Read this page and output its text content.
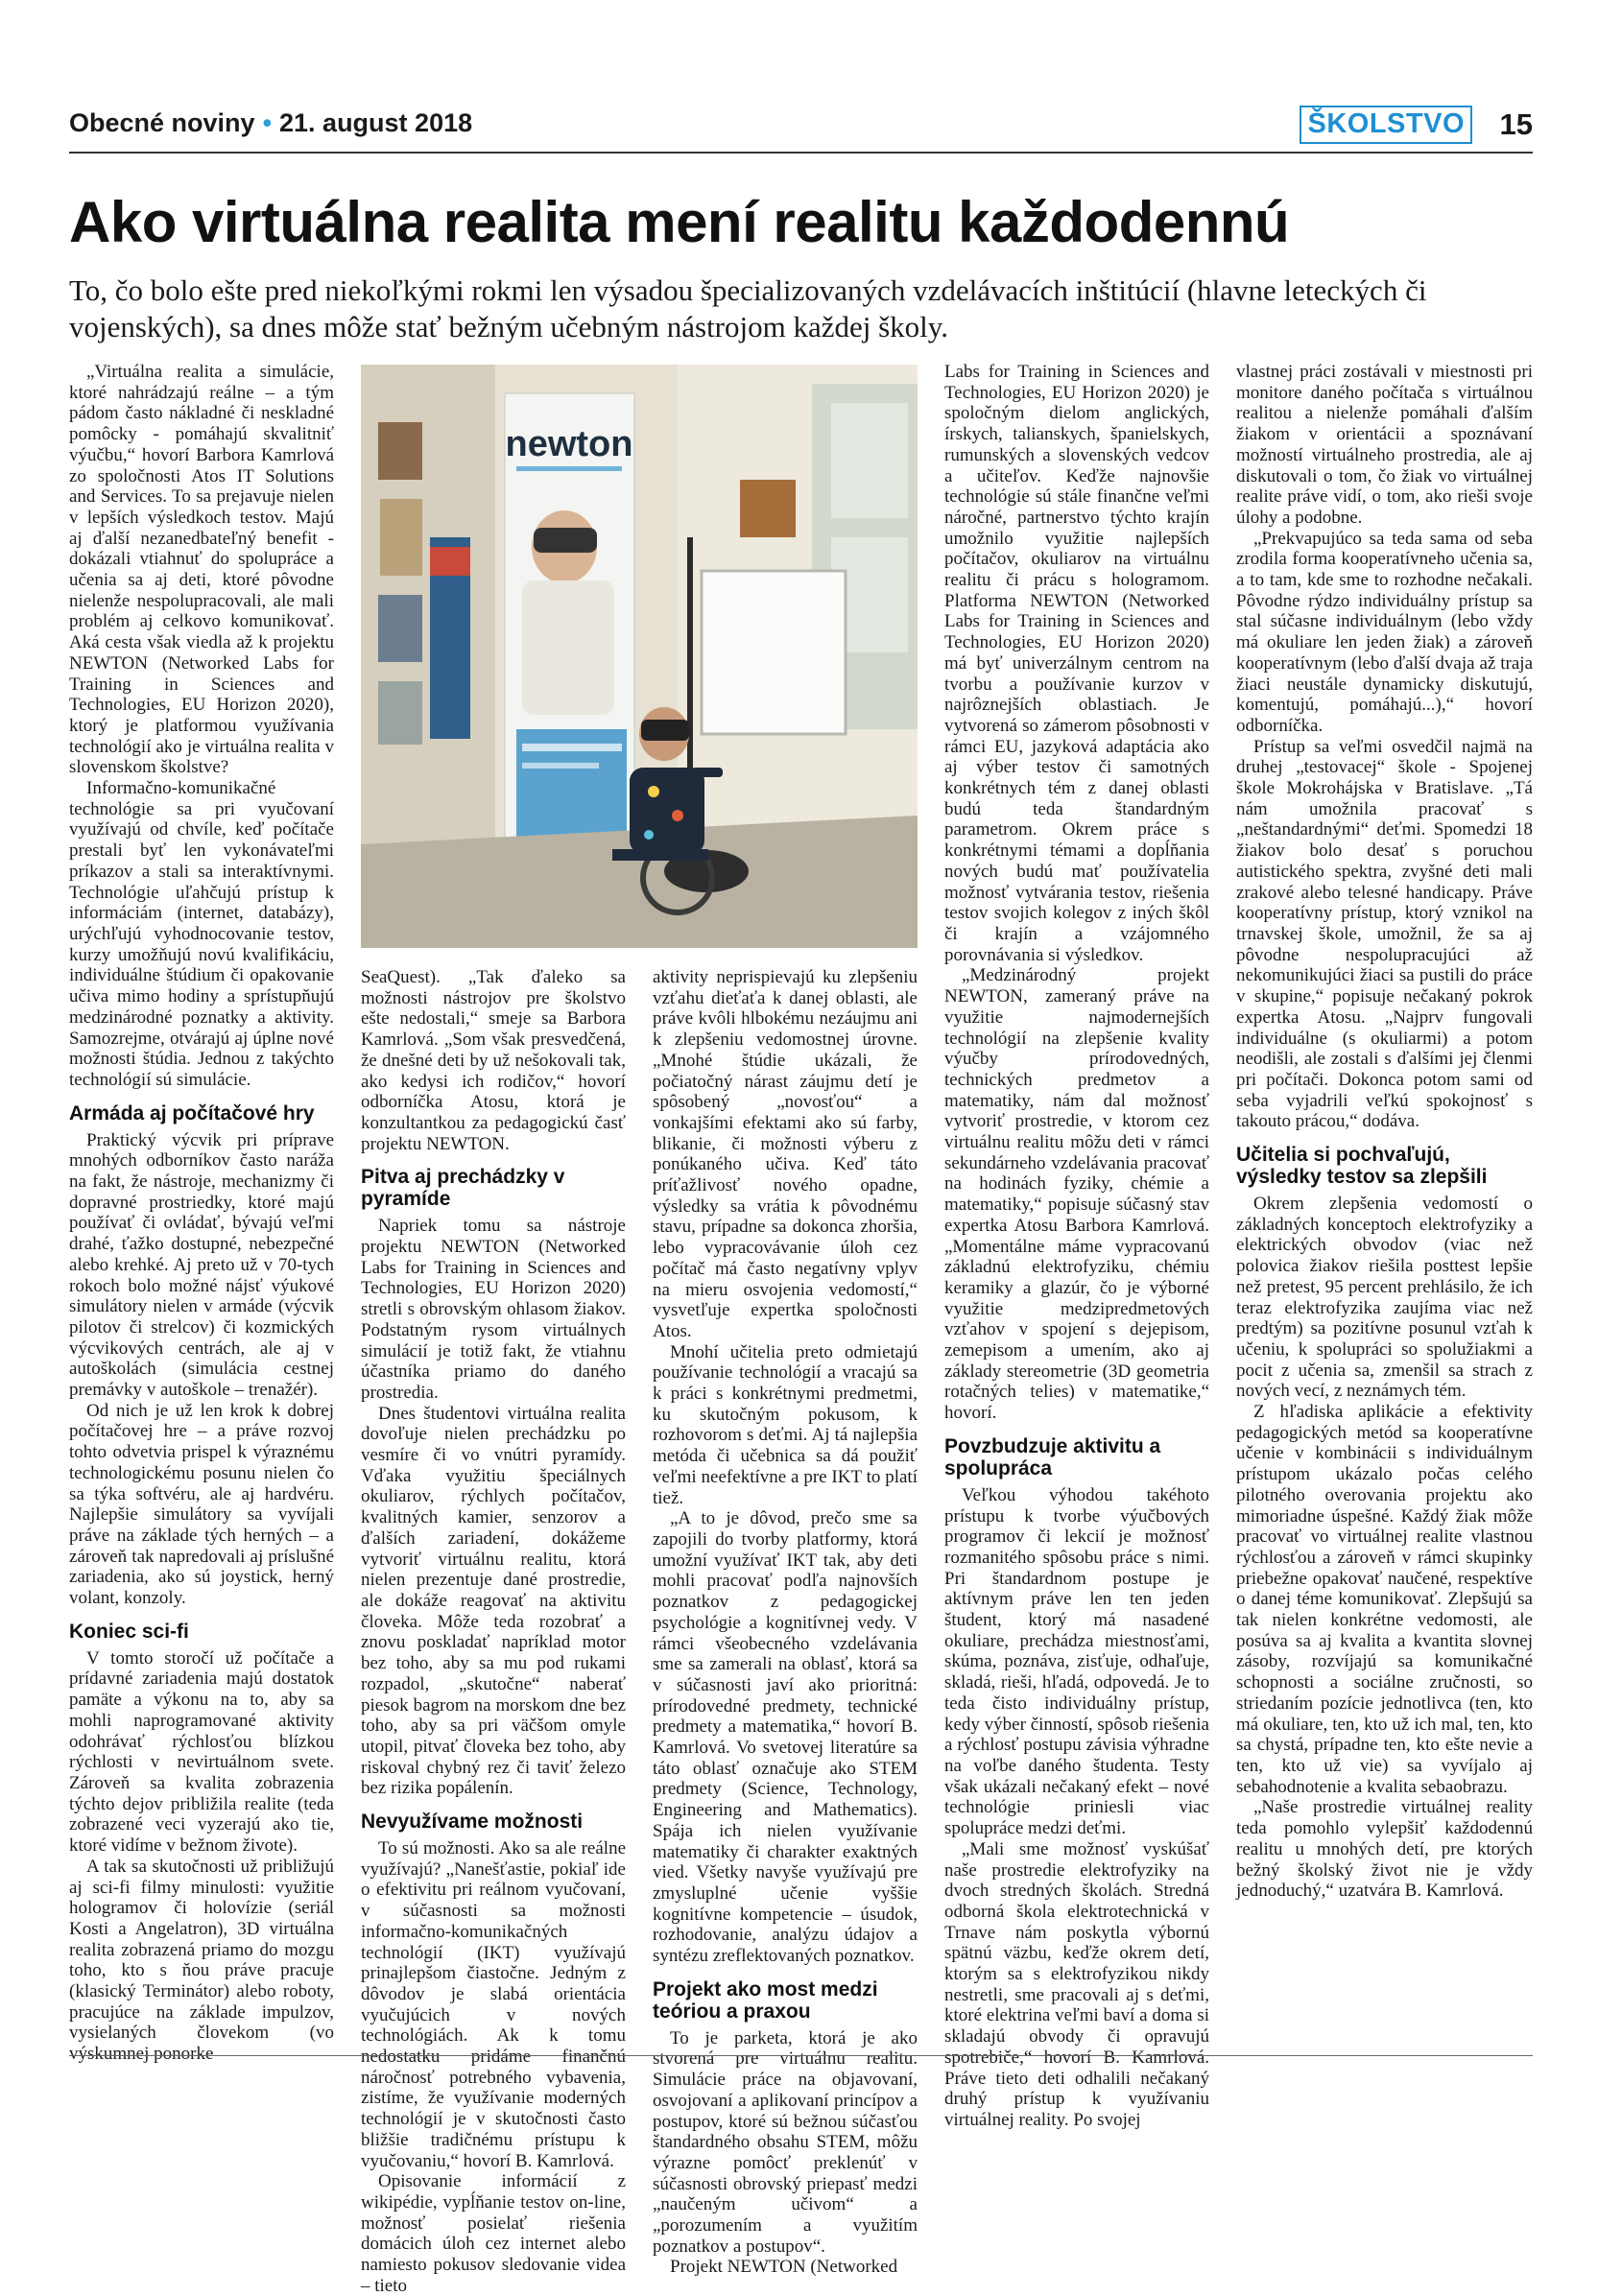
Obecné noviny • 21. august 2018	ŠKOLSTVO 15
Ako virtuálna realita mení realitu každodennú

To, čo bolo ešte pred niekoľkými rokmi len výsadou špecializovaných vzdelávacích inštitúcií (hlavne leteckých či vojenských), sa dnes môže stať bežným učebným nástrojom každej školy.

„Virtuálna realita a simulácie, ktoré nahrádzajú reálne – a tým pádom často nákladné či neskladné pomôcky - pomáhajú skvalitniť výučbu,“ hovorí Barbora Kamrlová zo spoločnosti Atos IT Solutions and Services. To sa prejavuje nielen v lepších výsledkoch testov. Majú aj ďalší nezanedbateľný benefit - dokázali vtiahnuť do spolupráce a učenia sa aj deti, ktoré pôvodne nielenže nespolupracovali, ale mali problém aj celkovo komunikovať. Aká cesta však viedla až k projektu NEWTON (Networked Labs for Training in Sciences and Technologies, EU Horizon 2020), ktorý je platformou využívania technológií ako je virtuálna realita v slovenskom školstve?

Informačno-komunikačné technológie sa pri vyučovaní využívajú od chvíle, keď počítače prestali byť len vykonávateľmi príkazov a stali sa interaktívnymi. Technológie uľahčujú prístup k informáciám (internet, databázy), urýchľujú vyhodnocovanie testov, kurzy umožňujú novú kvalifikáciu, individuálne štúdium či opakovanie učiva mimo hodiny a sprístupňujú medzinárodné poznatky a aktivity. Samozrejme, otvárajú aj úplne nové možnosti štúdia. Jednou z takýchto technológií sú simulácie.

Armáda aj počítačové hry

Praktický výcvik pri príprave mnohých odborníkov často naráža na fakt, že nástroje, mechanizmy či dopravné prostriedky, ktoré majú používať či ovládať, bývajú veľmi drahé, ťažko dostupné, nebezpečné alebo krehké. Aj preto už v 70-tych rokoch bolo možné nájsť výukové simulátory nielen v armáde (výcvik pilotov či strelcov) či kozmických výcvikových centrách, ale aj v autoškolách (simulácia cestnej premávky v autoškole – trenažér).

Od nich je už len krok k dobrej počítačovej hre – a práve rozvoj tohto odvetvia prispel k výraznému technologickému posunu nielen čo sa týka softvéru, ale aj hardvéru. Najlepšie simulátory sa vyvíjali práve na základe tých herných – a zároveň tak napredovali aj príslušné zariadenia, ako sú joystick, herný volant, konzoly.

Koniec sci-fi

V tomto storočí už počítače a prídavné zariadenia majú dostatok pamäte a výkonu na to, aby sa mohli naprogramované aktivity odohrávať rýchlosťou blízkou rýchlosti v nevirtuálnom svete. Zároveň sa kvalita zobrazenia týchto dejov približila realite (teda zobrazené veci vyzerajú ako tie, ktoré vidíme v bežnom živote).

A tak sa skutočnosti už približujú aj sci-fi filmy minulosti: využitie hologramov či holovízie (seriál Kosti a Angelatron), 3D virtuálna realita zobrazená priamo do mozgu toho, kto s ňou práve pracuje (klasický Terminátor) alebo roboty, pracujúce na základe impulzov, vysielaných človekom (vo výskumnej ponorke

newton

SeaQuest). „Tak ďaleko sa možnosti nástrojov pre školstvo ešte nedostali,“ smeje sa Barbora Kamrlová. „Som však presvedčená, že dnešné deti by už nešokovali tak, ako kedysi ich rodičov,“ hovorí odborníčka Atosu, ktorá je konzultantkou za pedagogickú časť projektu NEWTON.

Pitva aj prechádzky v pyramíde

Napriek tomu sa nástroje projektu NEWTON (Networked Labs for Training in Sciences and Technologies, EU Horizon 2020) stretli s obrovským ohlasom žiakov. Podstatným rysom virtuálnych simulácií je totiž fakt, že vtiahnu účastníka priamo do daného prostredia.

Dnes študentovi virtuálna realita dovoľuje nielen prechádzku po vesmíre či vo vnútri pyramídy. Vďaka využitiu špeciálnych okuliarov, rýchlych počítačov, kvalitných kamier, senzorov a ďalších zariadení, dokážeme vytvoriť virtuálnu realitu, ktorá nielen prezentuje dané prostredie, ale dokáže reagovať na aktivitu človeka. Môže teda rozobrať a znovu poskladať napríklad motor bez toho, aby sa mu pod rukami rozpadol, „skutočne“ naberať piesok bagrom na morskom dne bez toho, aby sa pri väčšom omyle utopil, pitvať človeka bez toho, aby riskoval chybný rez či taviť železo bez rizika popálenín.

Nevyužívame možnosti

To sú možnosti. Ako sa ale reálne využívajú? „Nanešťastie, pokiaľ ide o efektivitu pri reálnom vyučovaní, v súčasnosti sa možnosti informačno-komunikačných technológií (IKT) využívajú prinajlepšom čiastočne. Jedným z dôvodov je slabá orientácia vyučujúcich v nových technológiách. Ak k tomu nedostatku pridáme finančnú náročnosť potrebného vybavenia, zistíme, že využívanie moderných technológií je v skutočnosti často bližšie tradičnému prístupu k vyučovaniu,“ hovorí B. Kamrlová.

Opisovanie informácií z wikipédie, vypĺňanie testov on-line, možnosť posielať riešenia domácich úloh cez internet alebo namiesto pokusov sledovanie videa – tieto

aktivity neprispievajú ku zlepšeniu vzťahu dieťaťa k danej oblasti, ale práve kvôli hlbokému nezáujmu ani k zlepšeniu vedomostnej úrovne. „Mnohé štúdie ukázali, že počiatočný nárast záujmu detí je spôsobený „novosťou“ a vonkajšími efektami ako sú farby, blikanie, či možnosti výberu z ponúkaného učiva. Keď táto príťažlivosť nového opadne, výsledky sa vrátia k pôvodnému stavu, prípadne sa dokonca zhoršia, lebo vypracovávanie úloh cez počítač má často negatívny vplyv na mieru osvojenia vedomostí,“ vysvetľuje expertka spoločnosti Atos.

Mnohí učitelia preto odmietajú používanie technológií a vracajú sa k práci s konkrétnymi predmetmi, ku skutočným pokusom, k rozhovorom s deťmi. Aj tá najlepšia metóda či učebnica sa dá použiť veľmi neefektívne a pre IKT to platí tiež.

„A to je dôvod, prečo sme sa zapojili do tvorby platformy, ktorá umožní využívať IKT tak, aby deti mohli pracovať podľa najnovších poznatkov z pedagogickej psychológie a kognitívnej vedy. V rámci všeobecného vzdelávania sme sa zamerali na oblasť, ktorá sa v súčasnosti javí ako prioritná: prírodovedné predmety, technické predmety a matematika,“ hovorí B. Kamrlová. Vo svetovej literatúre sa táto oblasť označuje ako STEM predmety (Science, Technology, Engineering and Mathematics). Spája ich nielen využívanie matematiky či charakter exaktných vied. Všetky navyše využívajú pre zmysluplné učenie vyššie kognitívne kompetencie – úsudok, rozhodovanie, analýzu údajov a syntézu zreflektovaných poznatkov.

Projekt ako most medzi teóriou a praxou

To je parketa, ktorá je ako stvorená pre virtuálnu realitu. Simulácie práce na objavovaní, osvojovaní a aplikovaní princípov a postupov, ktoré sú bežnou súčasťou štandardného obsahu STEM, môžu výrazne pomôcť preklenúť v súčasnosti obrovský priepasť medzi „naučeným učivom“ a „porozumením a využitím poznatkov a postupov“.

Projekt NEWTON (Networked

Labs for Training in Sciences and Technologies, EU Horizon 2020) je spoločným dielom anglických, írskych, talianskych, španielskych, rumunských a slovenských vedcov a učiteľov. Keďže najnovšie technológie sú stále finančne veľmi náročné, partnerstvo týchto krajín umožnilo využitie najlepších počítačov, okuliarov na virtuálnu realitu či prácu s hologramom. Platforma NEWTON (Networked Labs for Training in Sciences and Technologies, EU Horizon 2020) má byť univerzálnym centrom na tvorbu a používanie kurzov v najrôznejších oblastiach. Je vytvorená so zámerom pôsobnosti v rámci EU, jazyková adaptácia ako aj výber testov či samotných konkrétnych tém z danej oblasti budú teda štandardným parametrom. Okrem práce s konkrétnymi témami a dopĺňania nových budú mať používatelia možnosť vytvárania testov, riešenia testov svojich kolegov z iných škôl či krajín a vzájomného porovnávania si výsledkov.

„Medzinárodný projekt NEWTON, zameraný práve na využitie najmodernejších technológií na zlepšenie kvality výučby prírodovedných, technických predmetov a matematiky, nám dal možnosť vytvoriť prostredie, v ktorom cez virtuálnu realitu môžu deti v rámci sekundárneho vzdelávania pracovať na hodinách fyziky, chémie a matematiky,“ popisuje súčasný stav expertka Atosu Barbora Kamrlová. „Momentálne máme vypracovanú základnú elektrofyziku, chémiu keramiky a glazúr, čo je výborné využitie medzipredmetových vzťahov v spojení s dejepisom, zemepisom a umením, ako aj základy stereometrie (3D geometria rotačných telies) v matematike,“ hovorí.

Povzbudzuje aktivitu a spolupráca

Veľkou výhodou takéhoto prístupu k tvorbe výučbových programov či lekcií je možnosť rozmanitého spôsobu práce s nimi. Pri štandardnom postupe je aktívnym práve len ten jeden študent, ktorý má nasadené okuliare, prechádza miestnosťami, skúma, poznáva, zisťuje, odhaľuje, skladá, rieši, hľadá, odpovedá. Je to teda čisto individuálny prístup, kedy výber činností, spôsob riešenia a rýchlosť postupu závisia výhradne na voľbe daného študenta. Testy však ukázali nečakaný efekt – nové technológie priniesli viac spolupráce medzi deťmi.

„Mali sme možnosť vyskúšať naše prostredie elektrofyziky na dvoch stredných školách. Stredná odborná škola elektrotechnická v Trnave nám poskytla výbornú spätnú väzbu, keďže okrem detí, ktorým sa s elektrofyzikou nikdy nestretli, sme pracovali aj s deťmi, ktoré elektrina veľmi baví a doma si skladajú obvody či opravujú spotrebiče,“ hovorí B. Kamrlová. Práve tieto deti odhalili nečakaný druhý prístup k využívaniu virtuálnej reality. Po svojej

vlastnej práci zostávali v miestnosti pri monitore daného počítača s virtuálnou realitou a nielenže pomáhali ďalším žiakom v orientácii a spoznávaní možností virtuálneho prostredia, ale aj diskutovali o tom, čo žiak vo virtuálnej realite práve vidí, o tom, ako rieši svoje úlohy a podobne.

„Prekvapujúco sa teda sama od seba zrodila forma kooperatívneho učenia sa, a to tam, kde sme to rozhodne nečakali. Pôvodne rýdzo individuálny prístup sa stal súčasne individuálnym (lebo vždy má okuliare len jeden žiak) a zároveň kooperatívnym (lebo ďalší dvaja až traja žiaci neustále dynamicky diskutujú, komentujú, pomáhajú...),“ hovorí odborníčka.

Prístup sa veľmi osvedčil najmä na druhej „testovacej“ škole - Spojenej škole Mokrohájska v Bratislave. „Tá nám umožnila pracovať s „neštandardnými“ deťmi. Spomedzi 18 žiakov bolo desať s poruchou autistického spektra, zvyšné deti mali zrakové alebo telesné handicapy. Práve kooperatívny prístup, ktorý vznikol na trnavskej škole, umožnil, že sa aj pôvodne nespolupracujúci až nekomunikujúci žiaci sa pustili do práce v skupine,“ popisuje nečakaný pokrok expertka Atosu. „Najprv fungovali individuálne (s okuliarmi) a potom neodišli, ale zostali s ďalšími jej členmi pri počítači. Dokonca potom sami od seba vyjadrili veľkú spokojnosť s takouto prácou,“ dodáva.

Učitelia si pochvaľujú, výsledky testov sa zlepšili

Okrem zlepšenia vedomostí o základných konceptoch elektrofyziky a elektrických obvodov (viac než polovica žiakov riešila posttest lepšie než pretest, 95 percent prehlásilo, že ich teraz elektrofyzika zaujíma viac než predtým) sa pozitívne posunul vzťah k učeniu, k spolupráci so spolužiakmi a pocit z učenia sa, zmenšil sa strach z nových vecí, z neznámych tém.

Z hľadiska aplikácie a efektivity pedagogických metód sa kooperatívne učenie v kombinácii s individuálnym prístupom ukázalo počas celého pilotného overovania projektu ako mimoriadne úspešné. Každý žiak môže pracovať vo virtuálnej realite vlastnou rýchlosťou a zároveň v rámci skupinky priebežne opakovať naučené, respektíve o danej téme komunikovať. Zlepšujú sa tak nielen konkrétne vedomosti, ale posúva sa aj kvalita a kvantita slovnej zásoby, rozvíjajú sa komunikačné schopnosti a sociálne zručnosti, so striedaním pozície jednotlivca (ten, kto má okuliare, ten, kto už ich mal, ten, kto sa chystá, prípadne ten, kto ešte nevie a ten, kto už vie) sa vyvíjalo aj sebahodnotenie a kvalita sebaobrazu.

„Naše prostredie virtuálnej reality teda pomohlo vylepšiť každodennú realitu u mnohých detí, pre ktorých bežný školský život nie je vždy jednoduchý,“ uzatvára B. Kamrlová.
